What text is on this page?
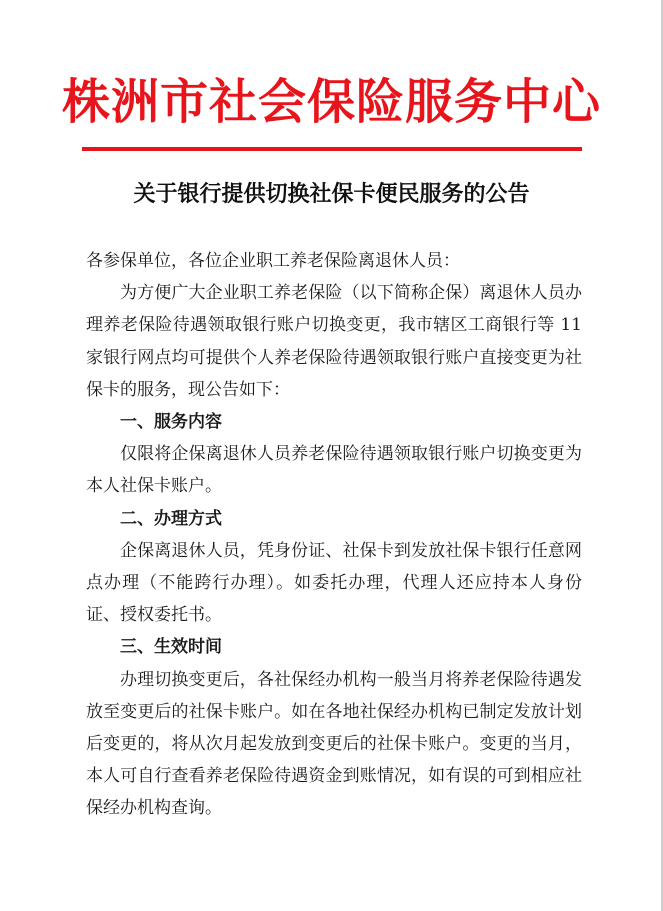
株洲市社会保险服务中心
关于银行提供切换社保卡便民服务的公告

各参保单位，各位企业职工养老保险离退休人员：

为方便广大企业职工养老保险（以下简称企保）离退休人员办理养老保险待遇领取银行账户切换变更，我市辖区工商银行等 11 家银行网点均可提供个人养老保险待遇领取银行账户直接变更为社保卡的服务，现公告如下：

一、服务内容

仅限将企保离退休人员养老保险待遇领取银行账户切换变更为本人社保卡账户。

二、办理方式

企保离退休人员，凭身份证、社保卡到发放社保卡银行任意网点办理（不能跨行办理）。如委托办理，代理人还应持本人身份证、授权委托书。

三、生效时间

办理切换变更后，各社保经办机构一般当月将养老保险待遇发放至变更后的社保卡账户。如在各地社保经办机构已制定发放计划后变更的，将从次月起发放到变更后的社保卡账户。变更的当月，本人可自行查看养老保险待遇资金到账情况，如有误的可到相应社保经办机构查询。
